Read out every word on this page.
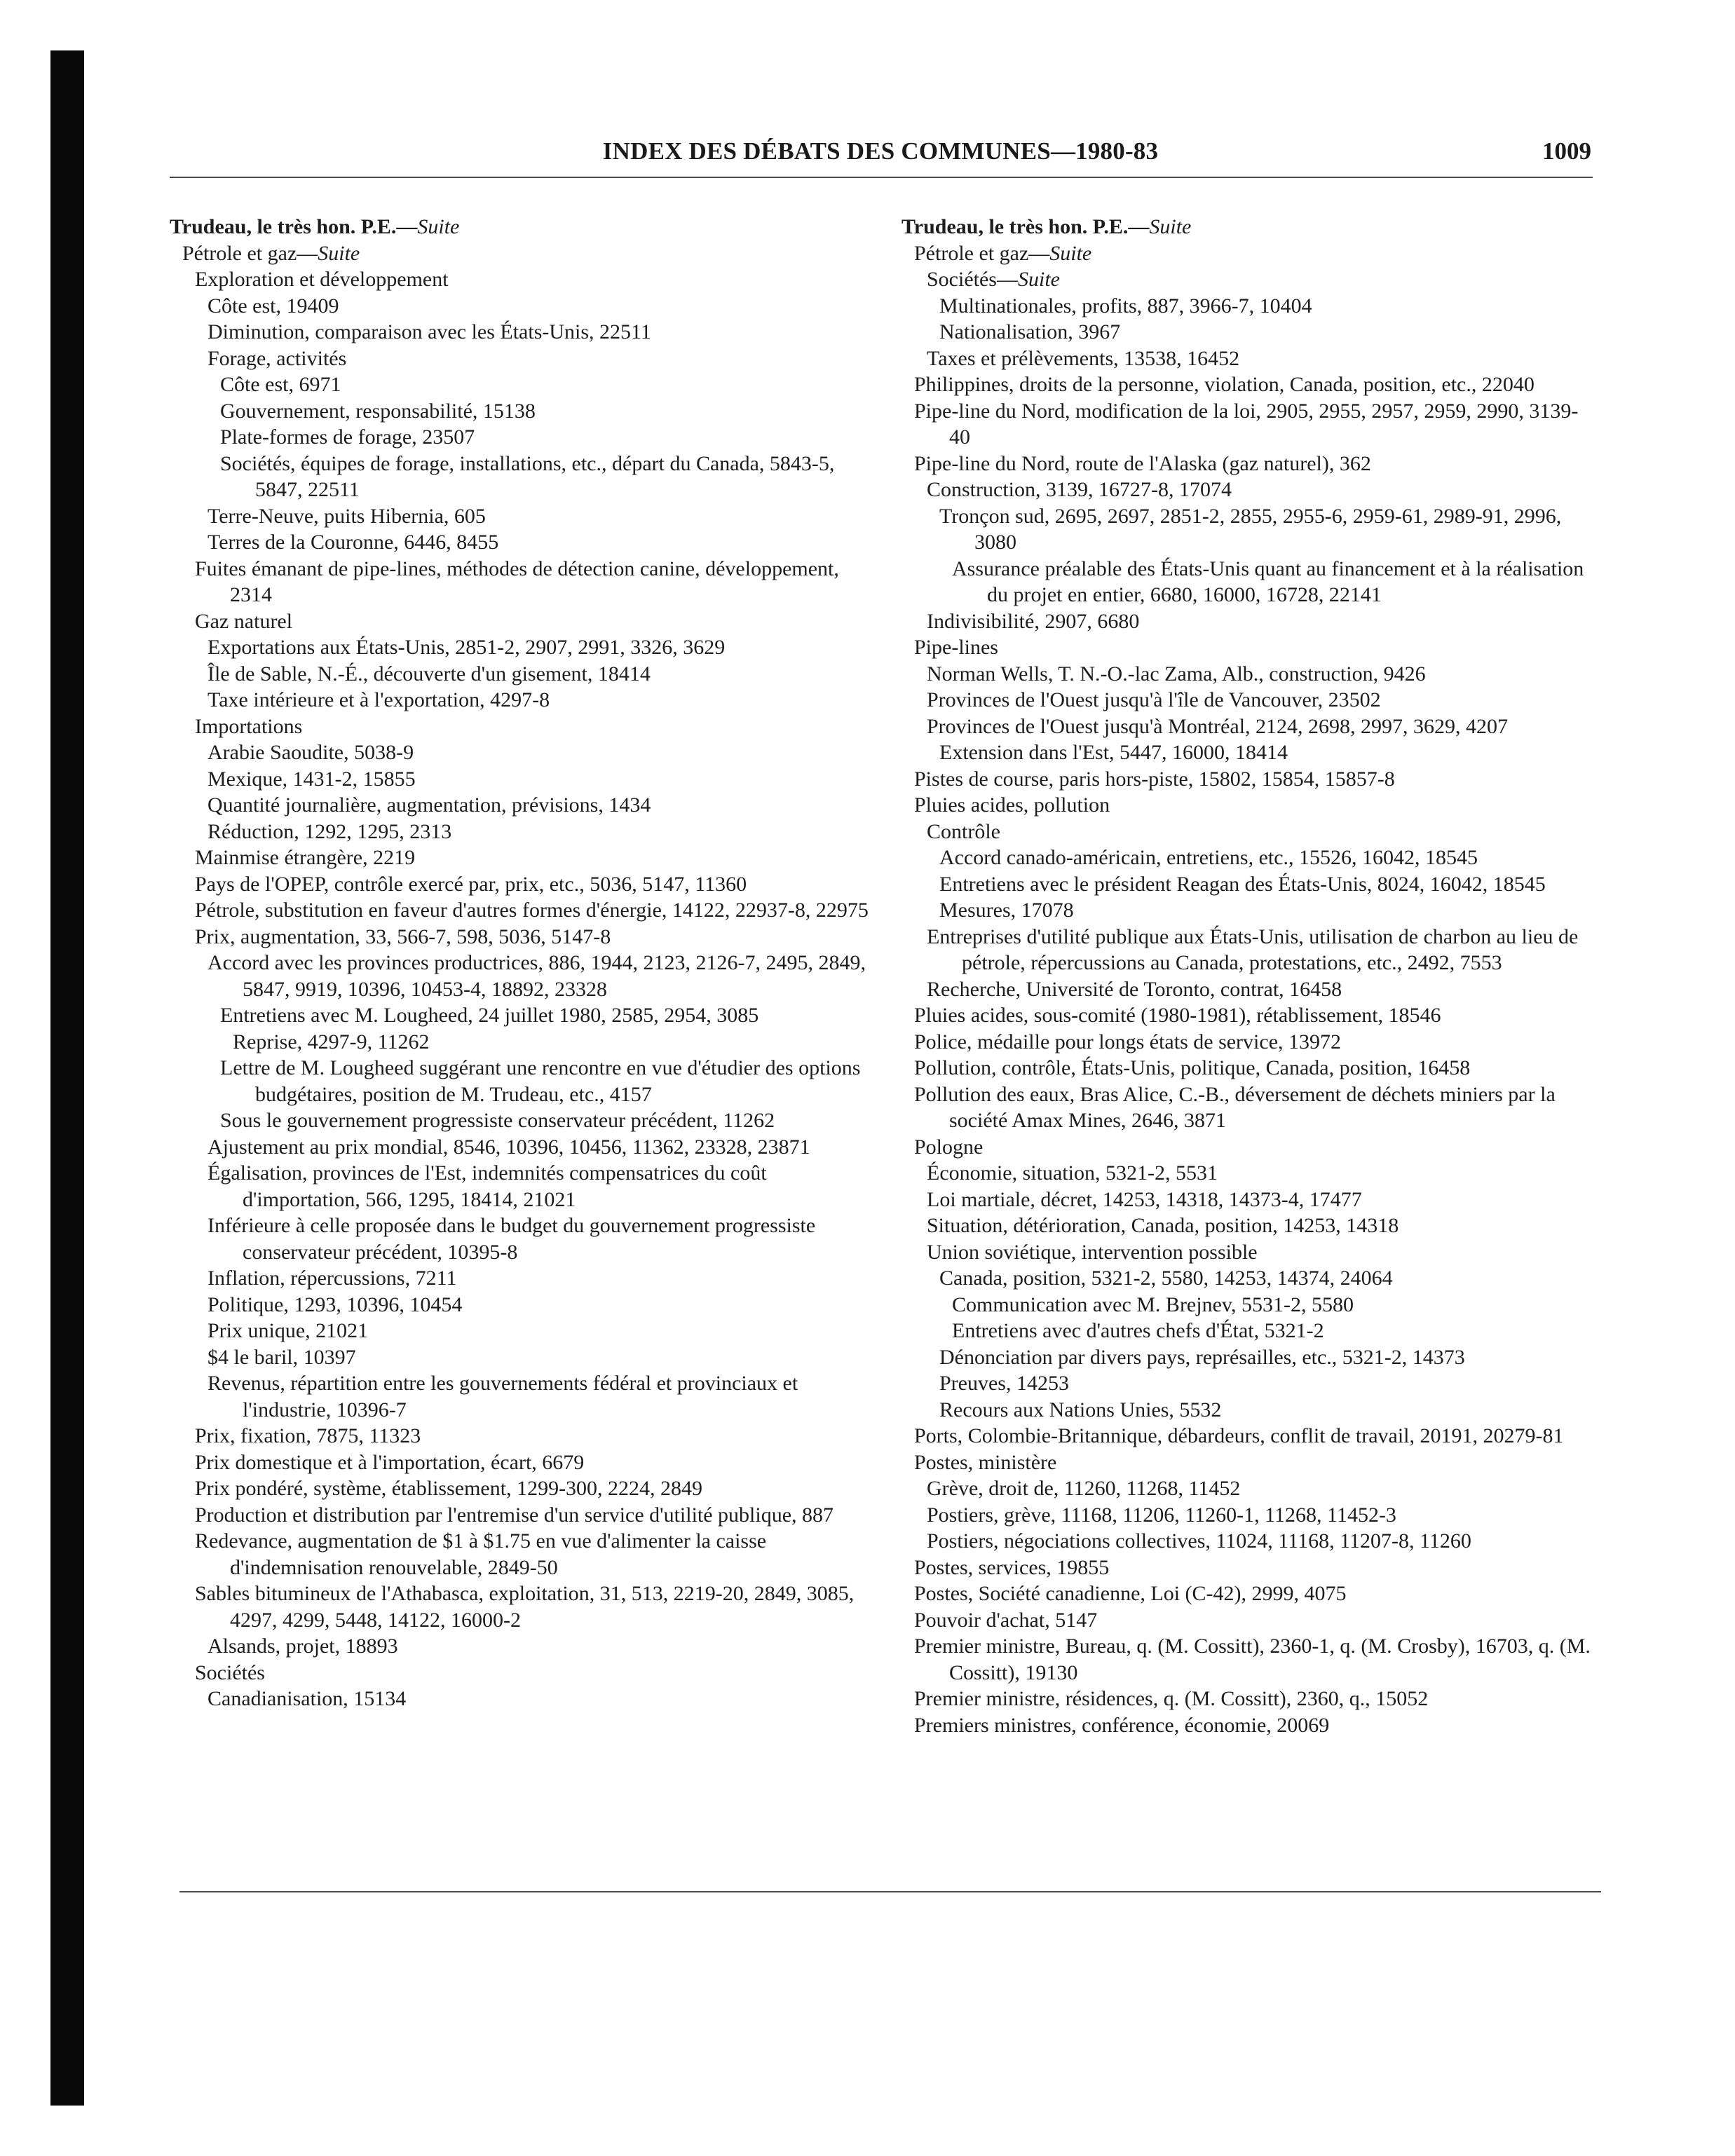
INDEX DES DÉBATS DES COMMUNES—1980-83	1009
Trudeau, le très hon. P.E.—Suite
Pétrole et gaz—Suite
Exploration et développement
Côte est, 19409
Diminution, comparaison avec les États-Unis, 22511
Forage, activités
Côte est, 6971
Gouvernement, responsabilité, 15138
Plate-formes de forage, 23507
Sociétés, équipes de forage, installations, etc., départ du Canada, 5843-5, 5847, 22511
Terre-Neuve, puits Hibernia, 605
Terres de la Couronne, 6446, 8455
Fuites émanant de pipe-lines, méthodes de détection canine, développement, 2314
Gaz naturel
Exportations aux États-Unis, 2851-2, 2907, 2991, 3326, 3629
Île de Sable, N.-É., découverte d'un gisement, 18414
Taxe intérieure et à l'exportation, 4297-8
Importations
Arabie Saoudite, 5038-9
Mexique, 1431-2, 15855
Quantité journalière, augmentation, prévisions, 1434
Réduction, 1292, 1295, 2313
Mainmise étrangère, 2219
Pays de l'OPEP, contrôle exercé par, prix, etc., 5036, 5147, 11360
Pétrole, substitution en faveur d'autres formes d'énergie, 14122, 22937-8, 22975
Prix, augmentation, 33, 566-7, 598, 5036, 5147-8
Accord avec les provinces productrices, 886, 1944, 2123, 2126-7, 2495, 2849, 5847, 9919, 10396, 10453-4, 18892, 23328
Entretiens avec M. Lougheed, 24 juillet 1980, 2585, 2954, 3085
Reprise, 4297-9, 11262
Lettre de M. Lougheed suggérant une rencontre en vue d'étudier des options budgétaires, position de M. Trudeau, etc., 4157
Sous le gouvernement progressiste conservateur précédent, 11262
Ajustement au prix mondial, 8546, 10396, 10456, 11362, 23328, 23871
Égalisation, provinces de l'Est, indemnités compensatrices du coût d'importation, 566, 1295, 18414, 21021
Inférieure à celle proposée dans le budget du gouvernement progressiste conservateur précédent, 10395-8
Inflation, répercussions, 7211
Politique, 1293, 10396, 10454
Prix unique, 21021
$4 le baril, 10397
Revenus, répartition entre les gouvernements fédéral et provinciaux et l'industrie, 10396-7
Prix, fixation, 7875, 11323
Prix domestique et à l'importation, écart, 6679
Prix pondéré, système, établissement, 1299-300, 2224, 2849
Production et distribution par l'entremise d'un service d'utilité publique, 887
Redevance, augmentation de $1 à $1.75 en vue d'alimenter la caisse d'indemnisation renouvelable, 2849-50
Sables bitumineux de l'Athabasca, exploitation, 31, 513, 2219-20, 2849, 3085, 4297, 4299, 5448, 14122, 16000-2
Alsands, projet, 18893
Sociétés
Canadianisation, 15134
Trudeau, le très hon. P.E.—Suite
Pétrole et gaz—Suite
Sociétés—Suite
Multinationales, profits, 887, 3966-7, 10404
Nationalisation, 3967
Taxes et prélèvements, 13538, 16452
Philippines, droits de la personne, violation, Canada, position, etc., 22040
Pipe-line du Nord, modification de la loi, 2905, 2955, 2957, 2959, 2990, 3139-40
Pipe-line du Nord, route de l'Alaska (gaz naturel), 362
Construction, 3139, 16727-8, 17074
Tronçon sud, 2695, 2697, 2851-2, 2855, 2955-6, 2959-61, 2989-91, 2996, 3080
Assurance préalable des États-Unis quant au financement et à la réalisation du projet en entier, 6680, 16000, 16728, 22141
Indivisibilité, 2907, 6680
Pipe-lines
Norman Wells, T. N.-O.-lac Zama, Alb., construction, 9426
Provinces de l'Ouest jusqu'à l'île de Vancouver, 23502
Provinces de l'Ouest jusqu'à Montréal, 2124, 2698, 2997, 3629, 4207
Extension dans l'Est, 5447, 16000, 18414
Pistes de course, paris hors-piste, 15802, 15854, 15857-8
Pluies acides, pollution
Contrôle
Accord canado-américain, entretiens, etc., 15526, 16042, 18545
Entretiens avec le président Reagan des États-Unis, 8024, 16042, 18545
Mesures, 17078
Entreprises d'utilité publique aux États-Unis, utilisation de charbon au lieu de pétrole, répercussions au Canada, protestations, etc., 2492, 7553
Recherche, Université de Toronto, contrat, 16458
Pluies acides, sous-comité (1980-1981), rétablissement, 18546
Police, médaille pour longs états de service, 13972
Pollution, contrôle, États-Unis, politique, Canada, position, 16458
Pollution des eaux, Bras Alice, C.-B., déversement de déchets miniers par la société Amax Mines, 2646, 3871
Pologne
Économie, situation, 5321-2, 5531
Loi martiale, décret, 14253, 14318, 14373-4, 17477
Situation, détérioration, Canada, position, 14253, 14318
Union soviétique, intervention possible
Canada, position, 5321-2, 5580, 14253, 14374, 24064
Communication avec M. Brejnev, 5531-2, 5580
Entretiens avec d'autres chefs d'État, 5321-2
Dénonciation par divers pays, représailles, etc., 5321-2, 14373
Preuves, 14253
Recours aux Nations Unies, 5532
Ports, Colombie-Britannique, débardeurs, conflit de travail, 20191, 20279-81
Postes, ministère
Grève, droit de, 11260, 11268, 11452
Postiers, grève, 11168, 11206, 11260-1, 11268, 11452-3
Postiers, négociations collectives, 11024, 11168, 11207-8, 11260
Postes, services, 19855
Postes, Société canadienne, Loi (C-42), 2999, 4075
Pouvoir d'achat, 5147
Premier ministre, Bureau, q. (M. Cossitt), 2360-1, q. (M. Crosby), 16703, q. (M. Cossitt), 19130
Premier ministre, résidences, q. (M. Cossitt), 2360, q., 15052
Premiers ministres, conférence, économie, 20069
